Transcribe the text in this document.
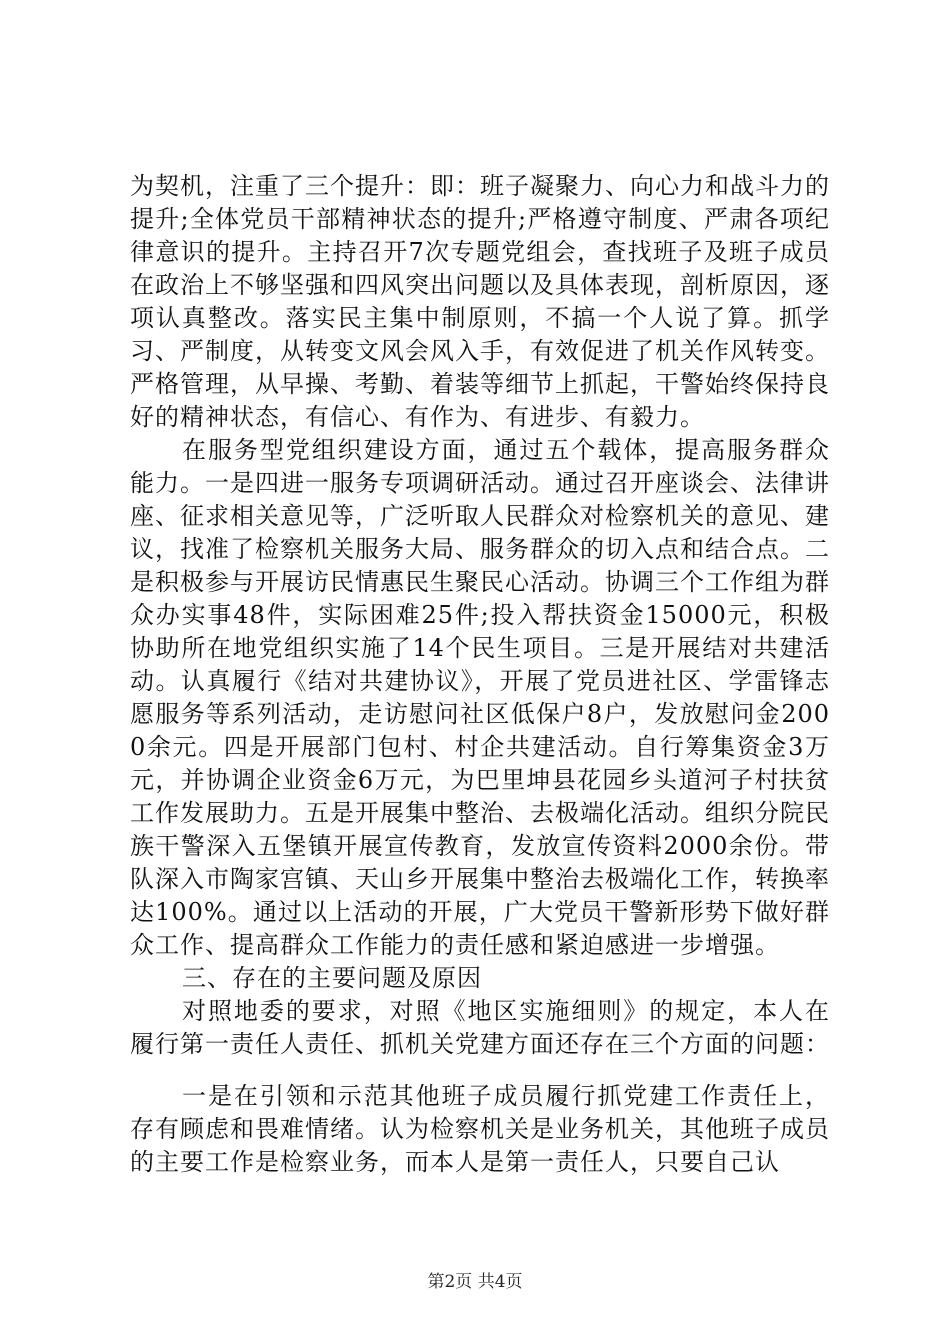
为契机，注重了三个提升：即：班子凝聚力、向心力和战斗力的提升;全体党员干部精神状态的提升;严格遵守制度、严肃各项纪律意识的提升。主持召开7次专题党组会，查找班子及班子成员在政治上不够坚强和四风突出问题以及具体表现，剖析原因，逐项认真整改。落实民主集中制原则，不搞一个人说了算。抓学习、严制度，从转变文风会风入手，有效促进了机关作风转变。严格管理，从早操、考勤、着装等细节上抓起，干警始终保持良好的精神状态，有信心、有作为、有进步、有毅力。

在服务型党组织建设方面，通过五个载体，提高服务群众能力。一是四进一服务专项调研活动。通过召开座谈会、法律讲座、征求相关意见等，广泛听取人民群众对检察机关的意见、建议，找准了检察机关服务大局、服务群众的切入点和结合点。二是积极参与开展访民情惠民生聚民心活动。协调三个工作组为群众办实事48件，实际困难25件;投入帮扶资金15000元，积极协助所在地党组织实施了14个民生项目。三是开展结对共建活动。认真履行《结对共建协议》，开展了党员进社区、学雷锋志愿服务等系列活动，走访慰问社区低保户8户，发放慰问金2000余元。四是开展部门包村、村企共建活动。自行筹集资金3万元，并协调企业资金6万元，为巴里坤县花园乡头道河子村扶贫工作发展助力。五是开展集中整治、去极端化活动。组织分院民族干警深入五堡镇开展宣传教育，发放宣传资料2000余份。带队深入市陶家宫镇、天山乡开展集中整治去极端化工作，转换率达100%。通过以上活动的开展，广大党员干警新形势下做好群众工作、提高群众工作能力的责任感和紧迫感进一步增强。

三、存在的主要问题及原因

对照地委的要求，对照《地区实施细则》的规定，本人在履行第一责任人责任、抓机关党建方面还存在三个方面的问题：

一是在引领和示范其他班子成员履行抓党建工作责任上，存有顾虑和畏难情绪。认为检察机关是业务机关，其他班子成员的主要工作是检察业务，而本人是第一责任人，只要自己认

第2页 共4页
